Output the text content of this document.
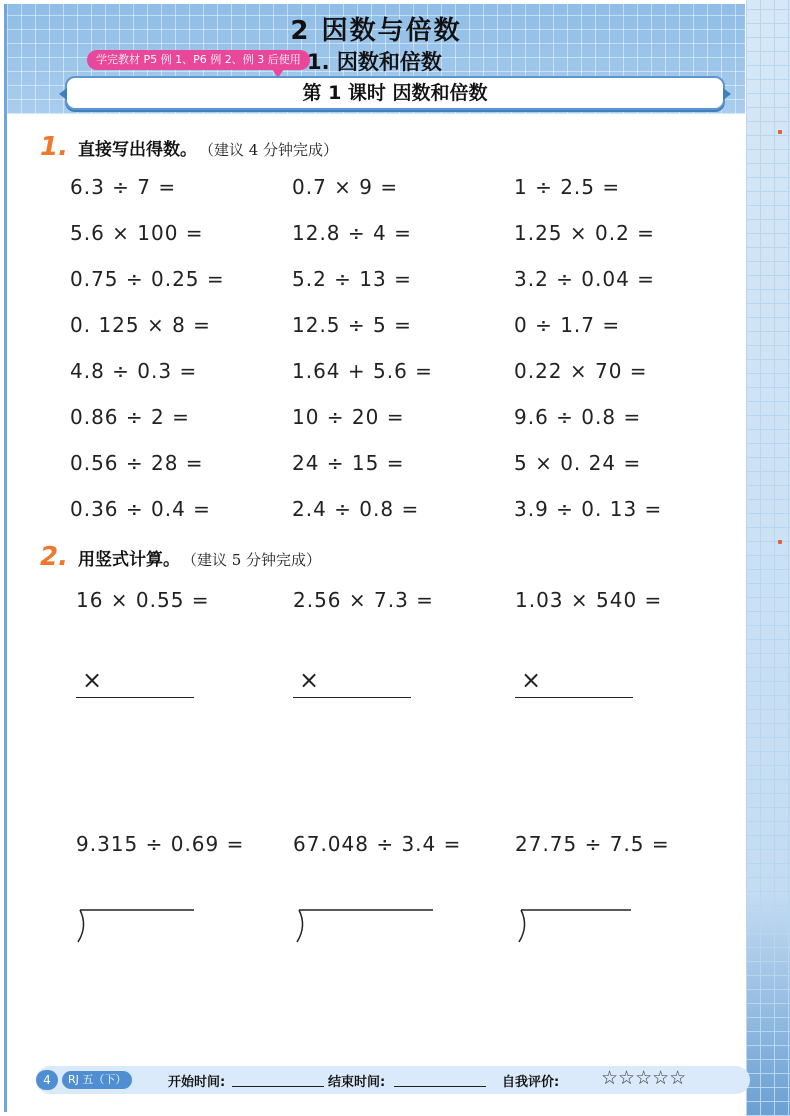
2 因数与倍数
学完教材 P5 例 1、P6 例 2、例 3 后使用 1. 因数和倍数
第 1 课时 因数和倍数
1. 直接写出得数。 （建议 4 分钟完成）
6.3 ÷ 7 =	0.7 × 9 =	1 ÷ 2.5 =
5.6 × 100 =	12.8 ÷ 4 =	1.25 × 0.2 =
0.75 ÷ 0.25 =	5.2 ÷ 13 =	3.2 ÷ 0.04 =
0. 125 × 8 =	12.5 ÷ 5 =	0 ÷ 1.7 =
4.8 ÷ 0.3 =	1.64 + 5.6 =	0.22 × 70 =
0.86 ÷ 2 =	10 ÷ 20 =	9.6 ÷ 0.8 =
0.56 ÷ 28 =	24 ÷ 15 =	5 × 0. 24 =
0.36 ÷ 0.4 =	2.4 ÷ 0.8 =	3.9 ÷ 0. 13 =
2. 用竖式计算。 （建议 5 分钟完成）
16 × 0.55 =	2.56 × 7.3 =	1.03 × 540 =
×	×	×
9.315 ÷ 0.69 = 67.048 ÷ 3.4 =	27.75 ÷ 7.5 =
4	RJ 五（下）	开始时间:	结束时间:	自我评价: ☆☆☆☆☆
